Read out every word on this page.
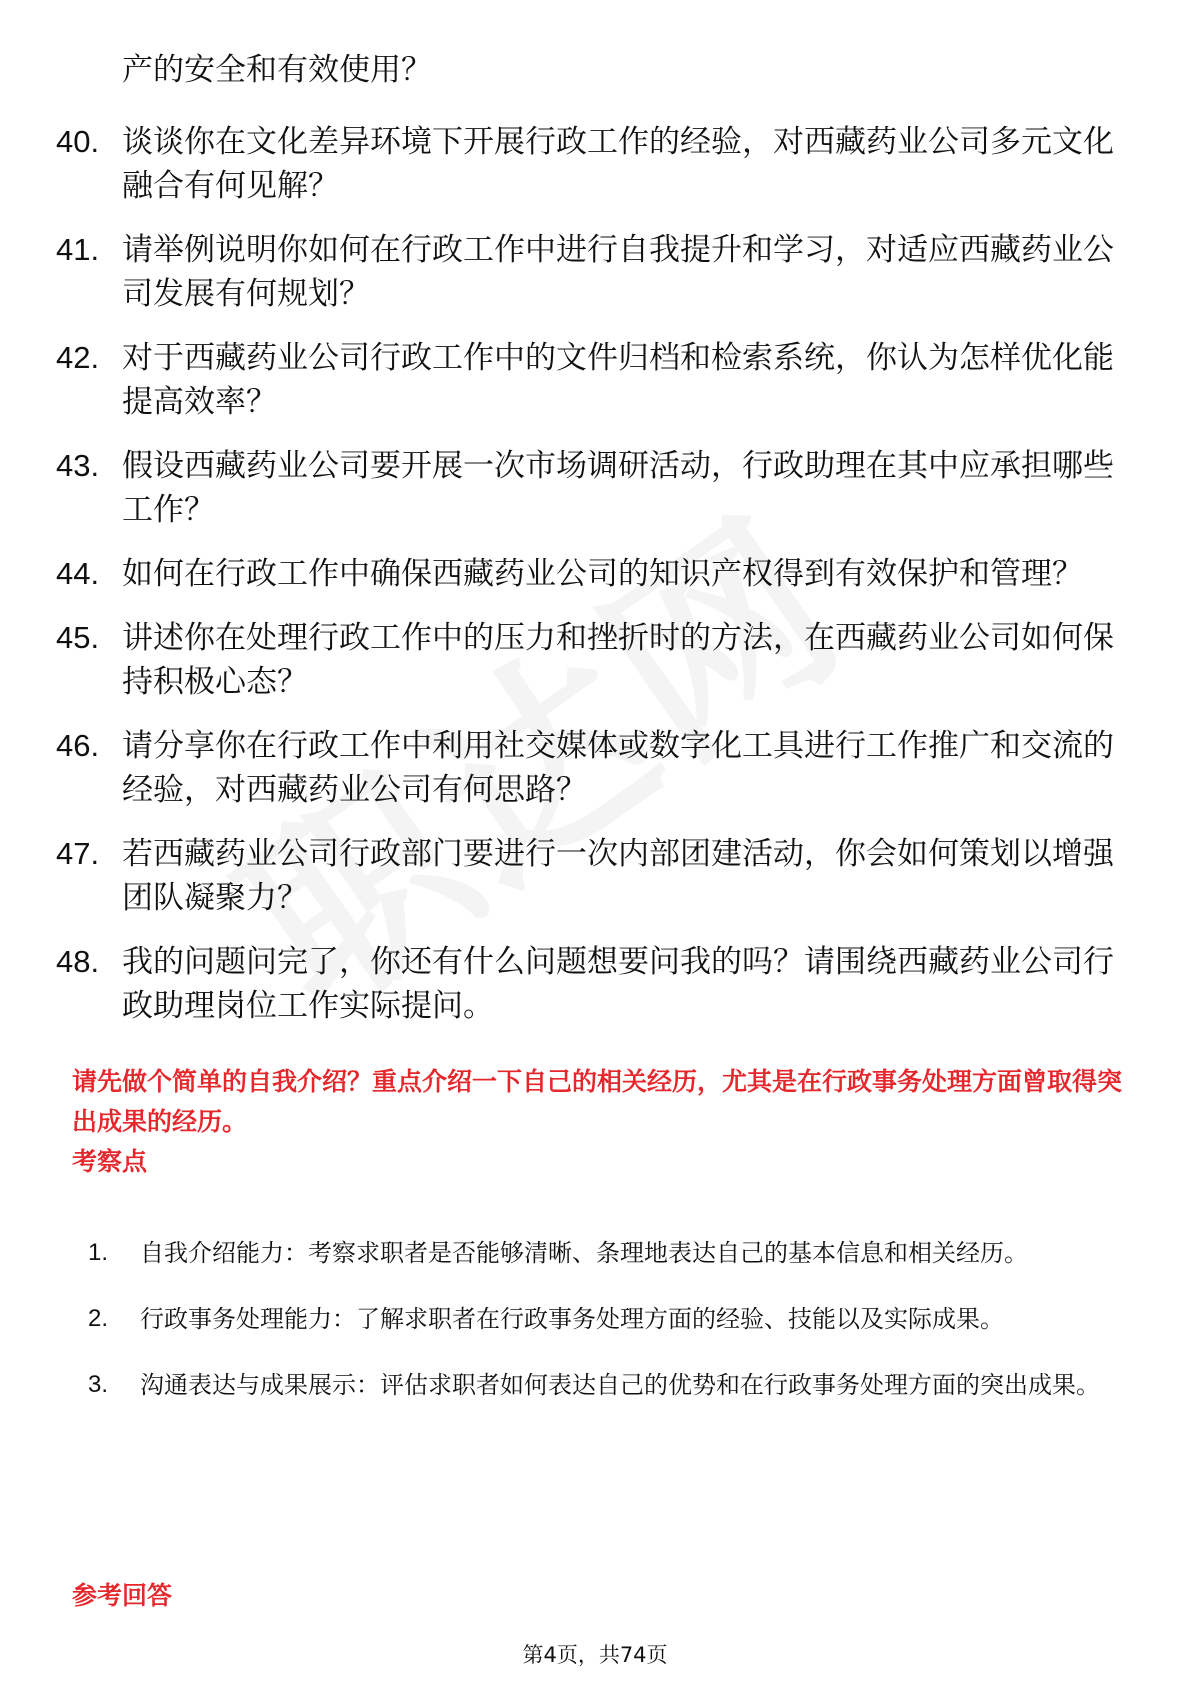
产的安全和有效使用？
40. 谈谈你在文化差异环境下开展行政工作的经验，对西藏药业公司多元文化融合有何见解？
41. 请举例说明你如何在行政工作中进行自我提升和学习，对适应西藏药业公司发展有何规划？
42. 对于西藏药业公司行政工作中的文件归档和检索系统，你认为怎样优化能提高效率？
43. 假设西藏药业公司要开展一次市场调研活动，行政助理在其中应承担哪些工作？
44. 如何在行政工作中确保西藏药业公司的知识产权得到有效保护和管理？
45. 讲述你在处理行政工作中的压力和挫折时的方法，在西藏药业公司如何保持积极心态？
46. 请分享你在行政工作中利用社交媒体或数字化工具进行工作推广和交流的经验，对西藏药业公司有何思路？
47. 若西藏药业公司行政部门要进行一次内部团建活动，你会如何策划以增强团队凝聚力？
48. 我的问题问完了，你还有什么问题想要问我的吗？请围绕西藏药业公司行政助理岗位工作实际提问。
请先做个简单的自我介绍？重点介绍一下自己的相关经历，尤其是在行政事务处理方面曾取得突出成果的经历。
考察点
1.	自我介绍能力：考察求职者是否能够清晰、条理地表达自己的基本信息和相关经历。
2.	行政事务处理能力：了解求职者在行政事务处理方面的经验、技能以及实际成果。
3.	沟通表达与成果展示：评估求职者如何表达自己的优势和在行政事务处理方面的突出成果。
参考回答
第4页，共74页
